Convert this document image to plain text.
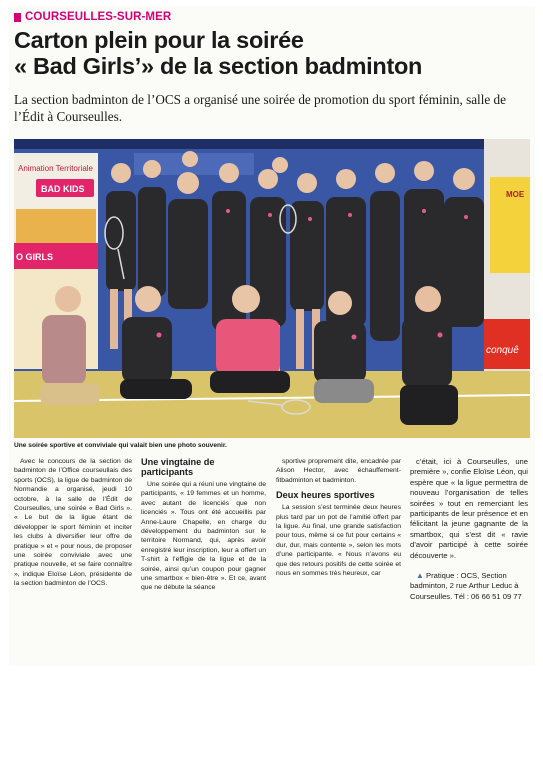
COURSEULLES-SUR-MER
Carton plein pour la soirée
« Bad Girls’» de la section badminton

La section badminton de l’OCS a organisé une soirée de promotion du sport féminin, salle de l’Édit à Courseulles.

Animation Territoriale
BAD KIDS
O GIRLS
MOE
conquê

Une soirée sportive et conviviale qui valait bien une photo souvenir.

Avec le concours de la section de badminton de l’Office courseullais des sports (OCS), la ligue de badminton de Normandie a organisé, jeudi 10 octobre, à la salle de l’Édit de Courseulles, une soirée « Bad Girls ». « Le but de la ligue étant de développer le sport féminin et inciter les clubs à diversifier leur offre de pratique » et « pour nous, de proposer une soirée conviviale avec une pratique nouvelle, et se faire connaître », indique Eloïse Léon, présidente de la section badminton de l’OCS.

Une vingtaine de participants

Une soirée qui a réuni une vingtaine de participants, « 19 femmes et un homme, avec autant de licenciés que non licenciés ». Tous ont été accueillis par Anne-Laure Chapelle, en charge du développement du badminton sur le territoire Normand, qui, après avoir enregistré leur inscription, leur a offert un T-shirt à l’effigie de la ligue et de la soirée, ainsi qu’un coupon pour gagner une smartbox « bien-être ». Et ce, avant que ne débute la séance

sportive proprement dite, encadrée par Alison Hector, avec échauffement-fitbadminton et badminton.

Deux heures sportives

La session s’est terminée deux heures plus tard par un pot de l’amitié offert par la ligue. Au final, une grande satisfaction pour tous, même si ce fut pour certains « dur, dur, mais contente », selon les mots d’une participante. « Nous n’avons eu que des retours positifs de cette soirée et nous en sommes très heureux, car

c’était, ici à Courseulles, une première », confie Eloïse Léon, qui espère que « la ligue permettra de nouveau l’organisation de telles soirées » tout en remerciant les participants de leur présence et en félicitant la jeune gagnante de la smartbox, qui s’est dit « ravie d’avoir participé à cette soirée découverte ».

▲ Pratique : OCS, Section badminton, 2 rue Arthur Leduc à Courseulles. Tél : 06 66 51 09 77
